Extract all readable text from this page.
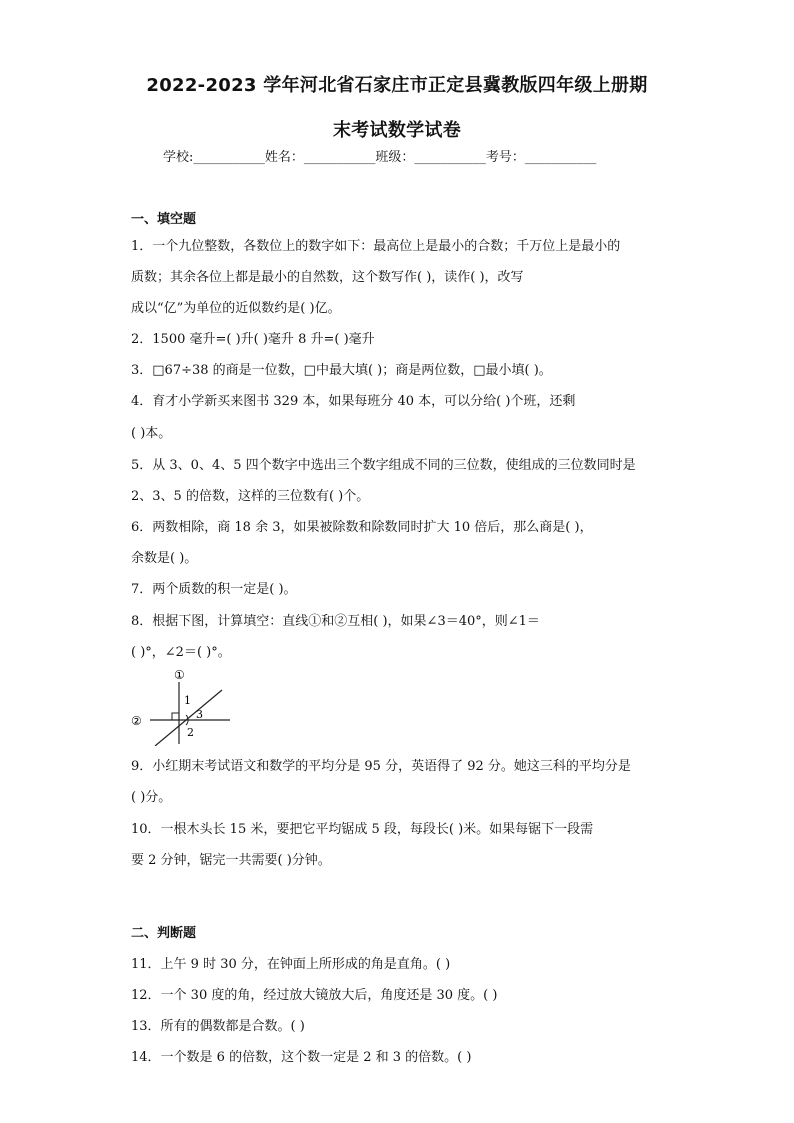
2022-2023 学年河北省石家庄市正定县冀教版四年级上册期
末考试数学试卷
学校:___________姓名：___________班级：___________考号：___________
一、填空题
1．一个九位整数，各数位上的数字如下：最高位上是最小的合数；千万位上是最小的
质数；其余各位上都是最小的自然数，这个数写作( )，读作( )，改写
成以“亿”为单位的近似数约是( )亿。
2．1500 毫升=( )升( )毫升 8 升=( )毫升
3．□67÷38 的商是一位数，□中最大填( )；商是两位数，□最小填( )。
4．育才小学新买来图书 329 本，如果每班分 40 本，可以分给( )个班，还剩
( )本。
5．从 3、0、4、5 四个数字中选出三个数字组成不同的三位数，使组成的三位数同时是
2、3、5 的倍数，这样的三位数有( )个。
6．两数相除，商 18 余 3，如果被除数和除数同时扩大 10 倍后，那么商是( )，
余数是( )。
7．两个质数的积一定是( )。
8．根据下图，计算填空：直线①和②互相( )，如果∠3＝40°，则∠1＝
( )°，∠2＝( )°。
①
②
1
2
3
9．小红期末考试语文和数学的平均分是 95 分，英语得了 92 分。她这三科的平均分是
( )分。
10．一根木头长 15 米，要把它平均锯成 5 段，每段长( )米。如果每锯下一段需
要 2 分钟，锯完一共需要( )分钟。
二、判断题
11．上午 9 时 30 分，在钟面上所形成的角是直角。( )
12．一个 30 度的角，经过放大镜放大后，角度还是 30 度。( )
13．所有的偶数都是合数。( )
14．一个数是 6 的倍数，这个数一定是 2 和 3 的倍数。( )
